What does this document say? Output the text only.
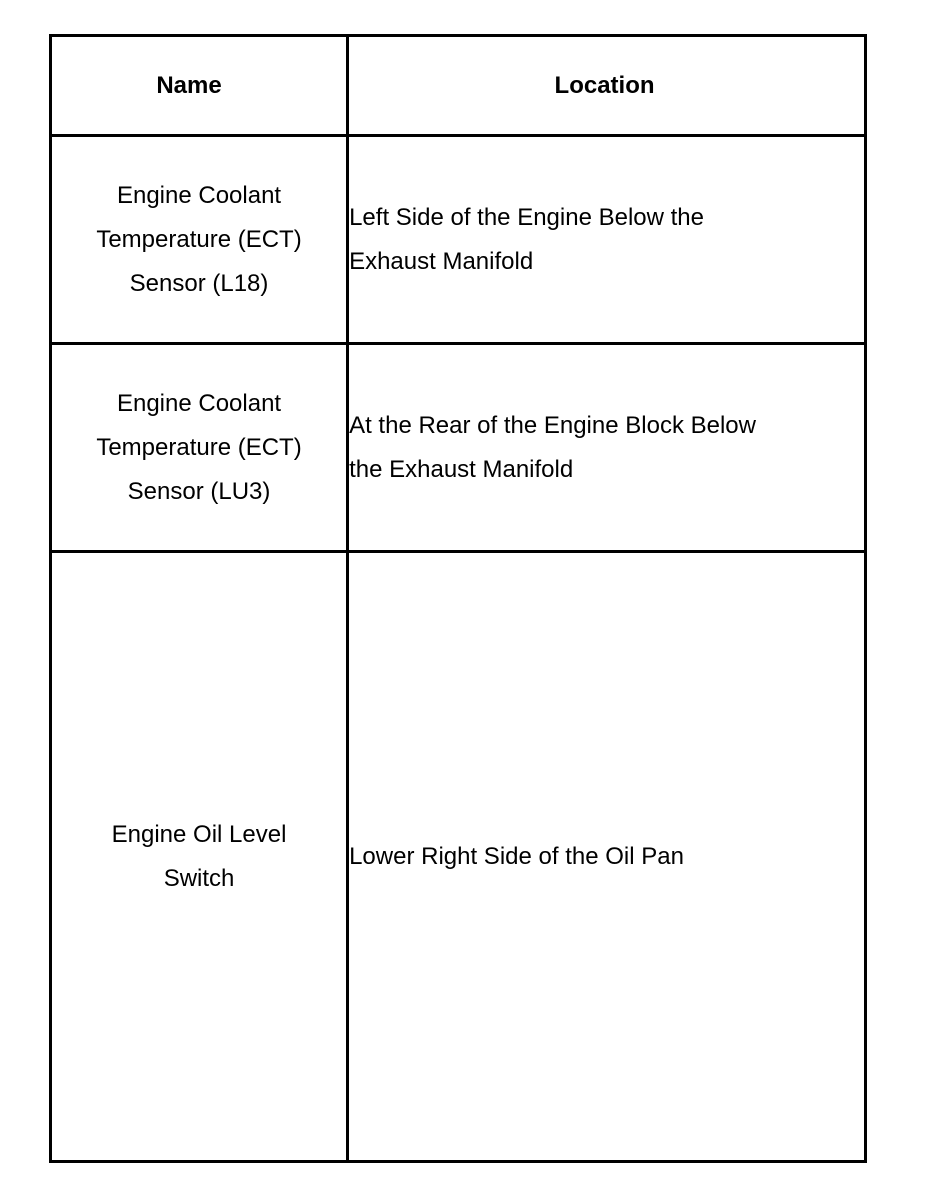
Name	Location
Engine Coolant Temperature (ECT) Sensor (L18)	Left Side of the Engine Below the Exhaust Manifold

Engine Coolant Temperature (ECT) Sensor (LU3)	At the Rear of the Engine Block Below the Exhaust Manifold

Engine Oil Level Switch	Lower Right Side of the Oil Pan
